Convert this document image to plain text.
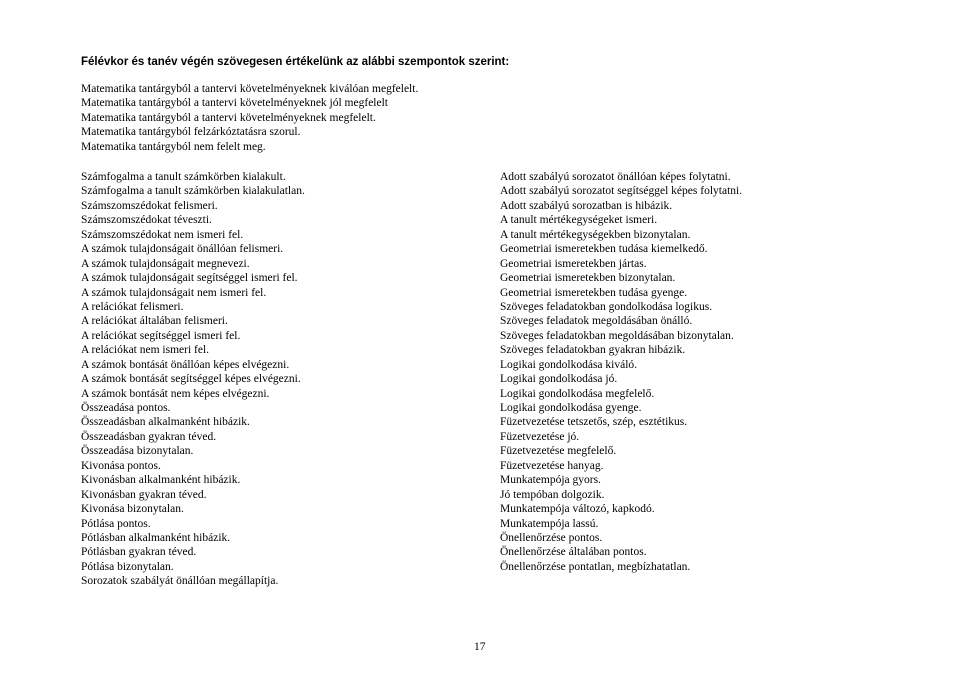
Félévkor és tanév végén szövegesen értékelünk az alábbi szempontok szerint:
Matematika tantárgyból a tantervi követelményeknek kiválóan megfelelt.
Matematika tantárgyból a tantervi követelményeknek jól megfelelt
Matematika tantárgyból a tantervi követelményeknek megfelelt.
Matematika tantárgyból felzárkóztatásra szorul.
Matematika tantárgyból nem felelt meg.
Számfogalma a tanult számkörben kialakult.
Számfogalma a tanult számkörben kialakulatlan.
Számszomszédokat felismeri.
Számszomszédokat téveszti.
Számszomszédokat nem ismeri fel.
A számok tulajdonságait önállóan felismeri.
A számok tulajdonságait megnevezi.
A számok tulajdonságait segítséggel ismeri fel.
A számok tulajdonságait nem ismeri fel.
A relációkat felismeri.
A relációkat általában felismeri.
A relációkat segítséggel ismeri fel.
A relációkat nem ismeri fel.
A számok bontását önállóan képes elvégezni.
A számok bontását segítséggel képes elvégezni.
A számok bontását nem képes elvégezni.
Összeadása pontos.
Összeadásban alkalmanként hibázik.
Összeadásban gyakran téved.
Összeadása bizonytalan.
Kivonása pontos.
Kivonásban alkalmanként hibázik.
Kivonásban gyakran téved.
Kivonása bizonytalan.
Pótlása pontos.
Pótlásban alkalmanként hibázik.
Pótlásban gyakran téved.
Pótlása bizonytalan.
Sorozatok szabályát önállóan megállapítja.
Adott szabályú sorozatot önállóan képes folytatni.
Adott szabályú sorozatot segítséggel képes folytatni.
Adott szabályú sorozatban is hibázik.
A tanult mértékegységeket ismeri.
A tanult mértékegységekben bizonytalan.
Geometriai ismeretekben tudása kiemelkedő.
Geometriai ismeretekben jártas.
Geometriai ismeretekben bizonytalan.
Geometriai ismeretekben tudása gyenge.
Szöveges feladatokban gondolkodása logikus.
Szöveges feladatok megoldásában önálló.
Szöveges feladatokban megoldásában bizonytalan.
Szöveges feladatokban gyakran hibázik.
Logikai gondolkodása kiváló.
Logikai gondolkodása jó.
Logikai gondolkodása megfelelő.
Logikai gondolkodása gyenge.
Füzetvezetése tetszetős, szép, esztétikus.
Füzetvezetése jó.
Füzetvezetése megfelelő.
Füzetvezetése hanyag.
Munkatempója gyors.
Jó tempóban dolgozik.
Munkatempója változó, kapkodó.
Munkatempója lassú.
Önellenőrzése pontos.
Önellenőrzése általában pontos.
Önellenőrzése pontatlan, megbízhatatlan.
17
